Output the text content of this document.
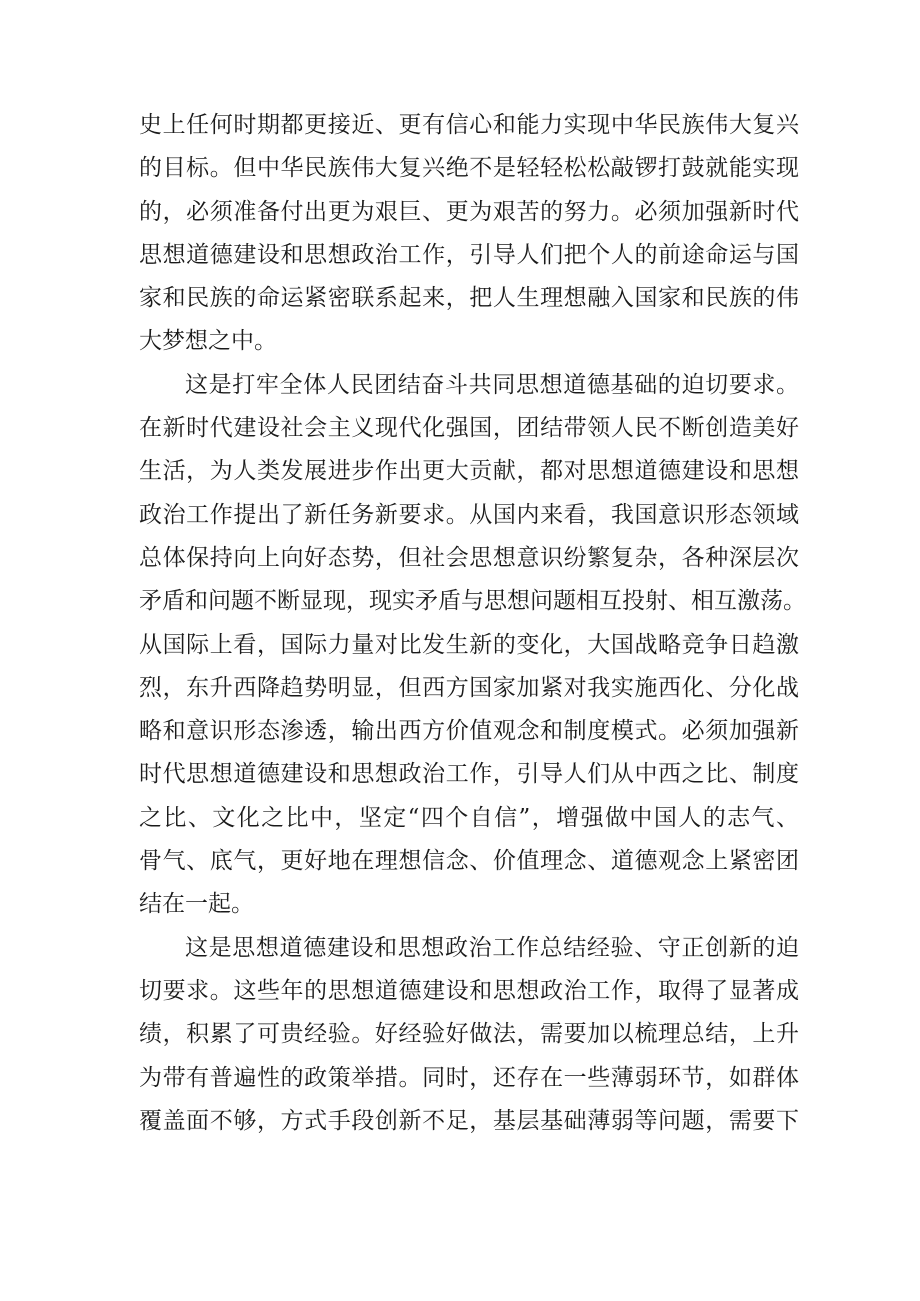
史上任何时期都更接近、更有信心和能力实现中华民族伟大复兴
的目标。但中华民族伟大复兴绝不是轻轻松松敲锣打鼓就能实现
的，必须准备付出更为艰巨、更为艰苦的努力。必须加强新时代
思想道德建设和思想政治工作，引导人们把个人的前途命运与国
家和民族的命运紧密联系起来，把人生理想融入国家和民族的伟
大梦想之中。
这是打牢全体人民团结奋斗共同思想道德基础的迫切要求。
在新时代建设社会主义现代化强国，团结带领人民不断创造美好
生活，为人类发展进步作出更大贡献，都对思想道德建设和思想
政治工作提出了新任务新要求。从国内来看，我国意识形态领域
总体保持向上向好态势，但社会思想意识纷繁复杂，各种深层次
矛盾和问题不断显现，现实矛盾与思想问题相互投射、相互激荡。
从国际上看，国际力量对比发生新的变化，大国战略竞争日趋激
烈，东升西降趋势明显，但西方国家加紧对我实施西化、分化战
略和意识形态渗透，输出西方价值观念和制度模式。必须加强新
时代思想道德建设和思想政治工作，引导人们从中西之比、制度
之比、文化之比中，坚定“四个自信”，增强做中国人的志气、
骨气、底气，更好地在理想信念、价值理念、道德观念上紧密团
结在一起。
这是思想道德建设和思想政治工作总结经验、守正创新的迫
切要求。这些年的思想道德建设和思想政治工作，取得了显著成
绩，积累了可贵经验。好经验好做法，需要加以梳理总结，上升
为带有普遍性的政策举措。同时，还存在一些薄弱环节，如群体
覆盖面不够，方式手段创新不足，基层基础薄弱等问题，需要下
